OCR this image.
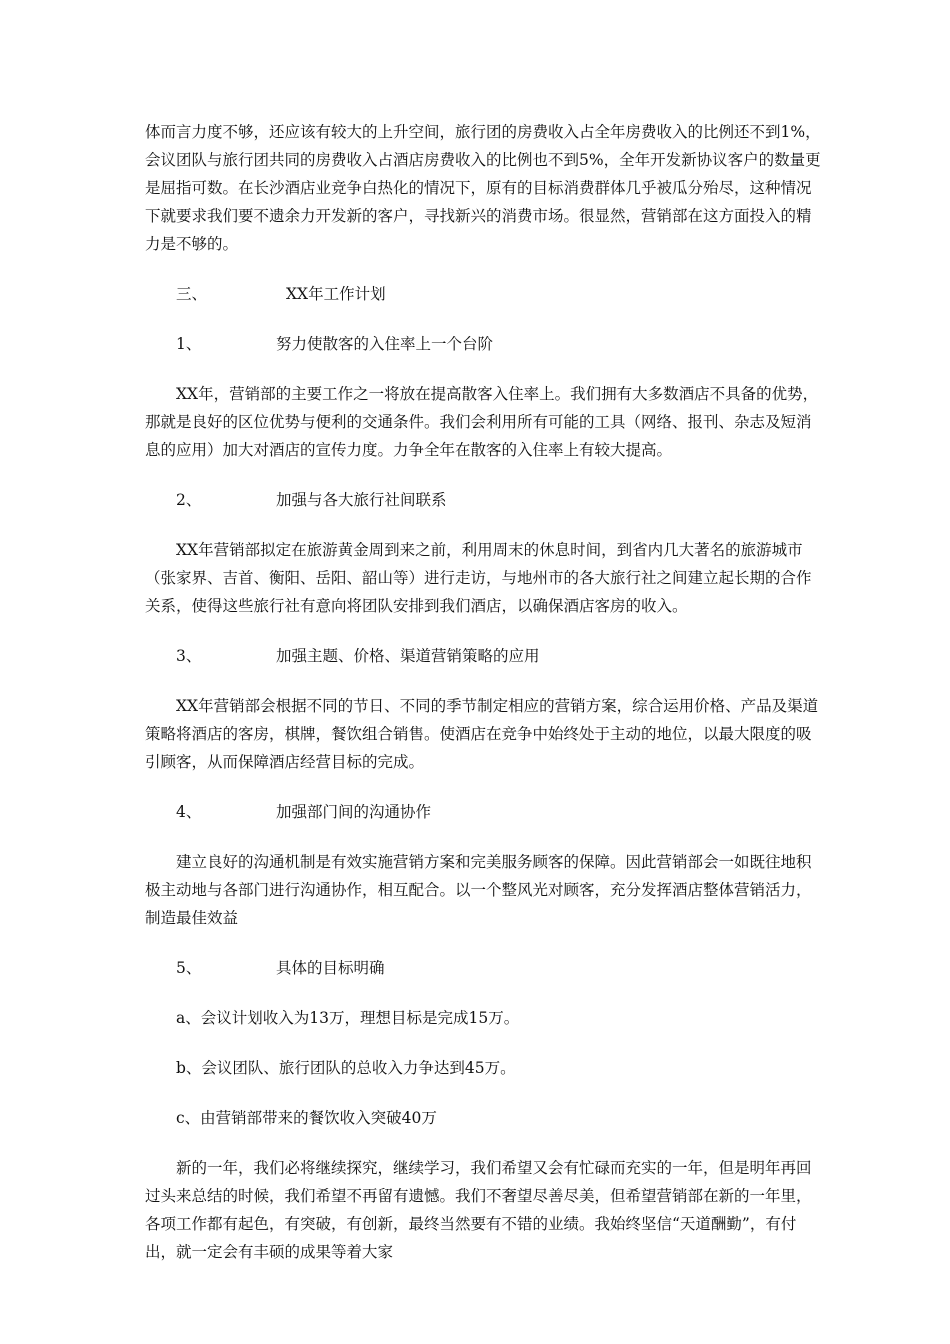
体而言力度不够，还应该有较大的上升空间，旅行团的房费收入占全年房费收入的比例还不到1%，会议团队与旅行团共同的房费收入占酒店房费收入的比例也不到5%，全年开发新协议客户的数量更是屈指可数。在长沙酒店业竞争白热化的情况下，原有的目标消费群体几乎被瓜分殆尽，这种情况下就要求我们要不遗余力开发新的客户，寻找新兴的消费市场。很显然，营销部在这方面投入的精力是不够的。

三、	XX年工作计划
1、	努力使散客的入住率上一个台阶

XX年，营销部的主要工作之一将放在提高散客入住率上。我们拥有大多数酒店不具备的优势，那就是良好的区位优势与便利的交通条件。我们会利用所有可能的工具（网络、报刊、杂志及短消息的应用）加大对酒店的宣传力度。力争全年在散客的入住率上有较大提高。

2、	加强与各大旅行社间联系

XX年营销部拟定在旅游黄金周到来之前，利用周末的休息时间，到省内几大著名的旅游城市（张家界、吉首、衡阳、岳阳、韶山等）进行走访，与地州市的各大旅行社之间建立起长期的合作关系，使得这些旅行社有意向将团队安排到我们酒店，以确保酒店客房的收入。

3、	加强主题、价格、渠道营销策略的应用

XX年营销部会根据不同的节日、不同的季节制定相应的营销方案，综合运用价格、产品及渠道策略将酒店的客房，棋牌，餐饮组合销售。使酒店在竞争中始终处于主动的地位，以最大限度的吸引顾客，从而保障酒店经营目标的完成。

4、	加强部门间的沟通协作

建立良好的沟通机制是有效实施营销方案和完美服务顾客的保障。因此营销部会一如既往地积极主动地与各部门进行沟通协作，相互配合。以一个整风光对顾客，充分发挥酒店整体营销活力，制造最佳效益

5、	具体的目标明确

a、会议计划收入为13万，理想目标是完成15万。

b、会议团队、旅行团队的总收入力争达到45万。

c、由营销部带来的餐饮收入突破40万

新的一年，我们必将继续探究，继续学习，我们希望又会有忙碌而充实的一年，但是明年再回过头来总结的时候，我们希望不再留有遗憾。我们不奢望尽善尽美，但希望营销部在新的一年里，各项工作都有起色，有突破，有创新，最终当然要有不错的业绩。我始终坚信“天道酬勤”，有付出，就一定会有丰硕的成果等着大家
